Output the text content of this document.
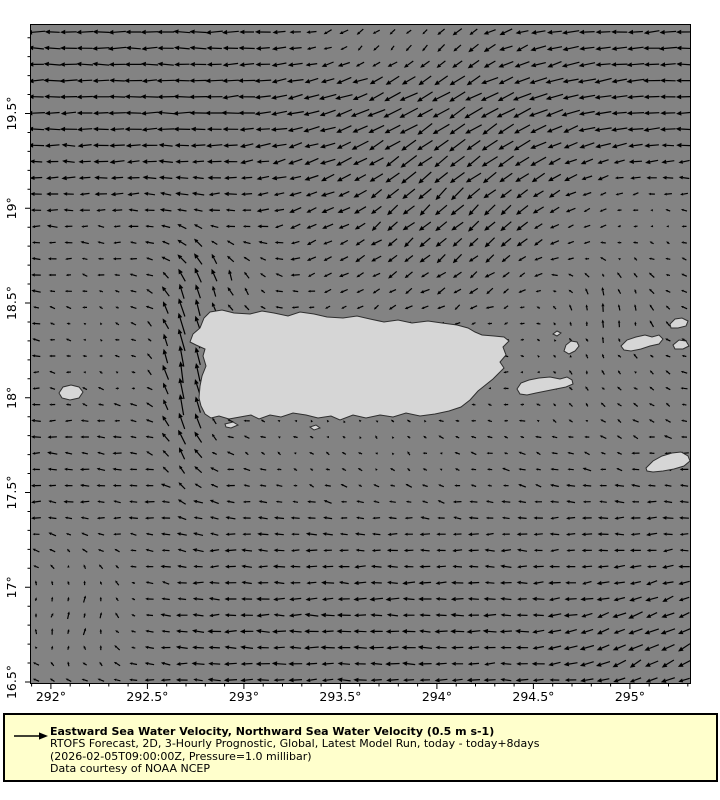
292°	292.5°	293°	293.5°	294°	294.5°	295°
16.5°
17°
17.5°
18°
18.5°
19°
19.5°

Eastward Sea Water Velocity, Northward Sea Water Velocity (0.5 m s-1)

RTOFS Forecast, 2D, 3-Hourly Prognostic, Global, Latest Model Run, today - today+8days

(2026-02-05T09:00:00Z, Pressure=1.0 millibar)

Data courtesy of NOAA NCEP
